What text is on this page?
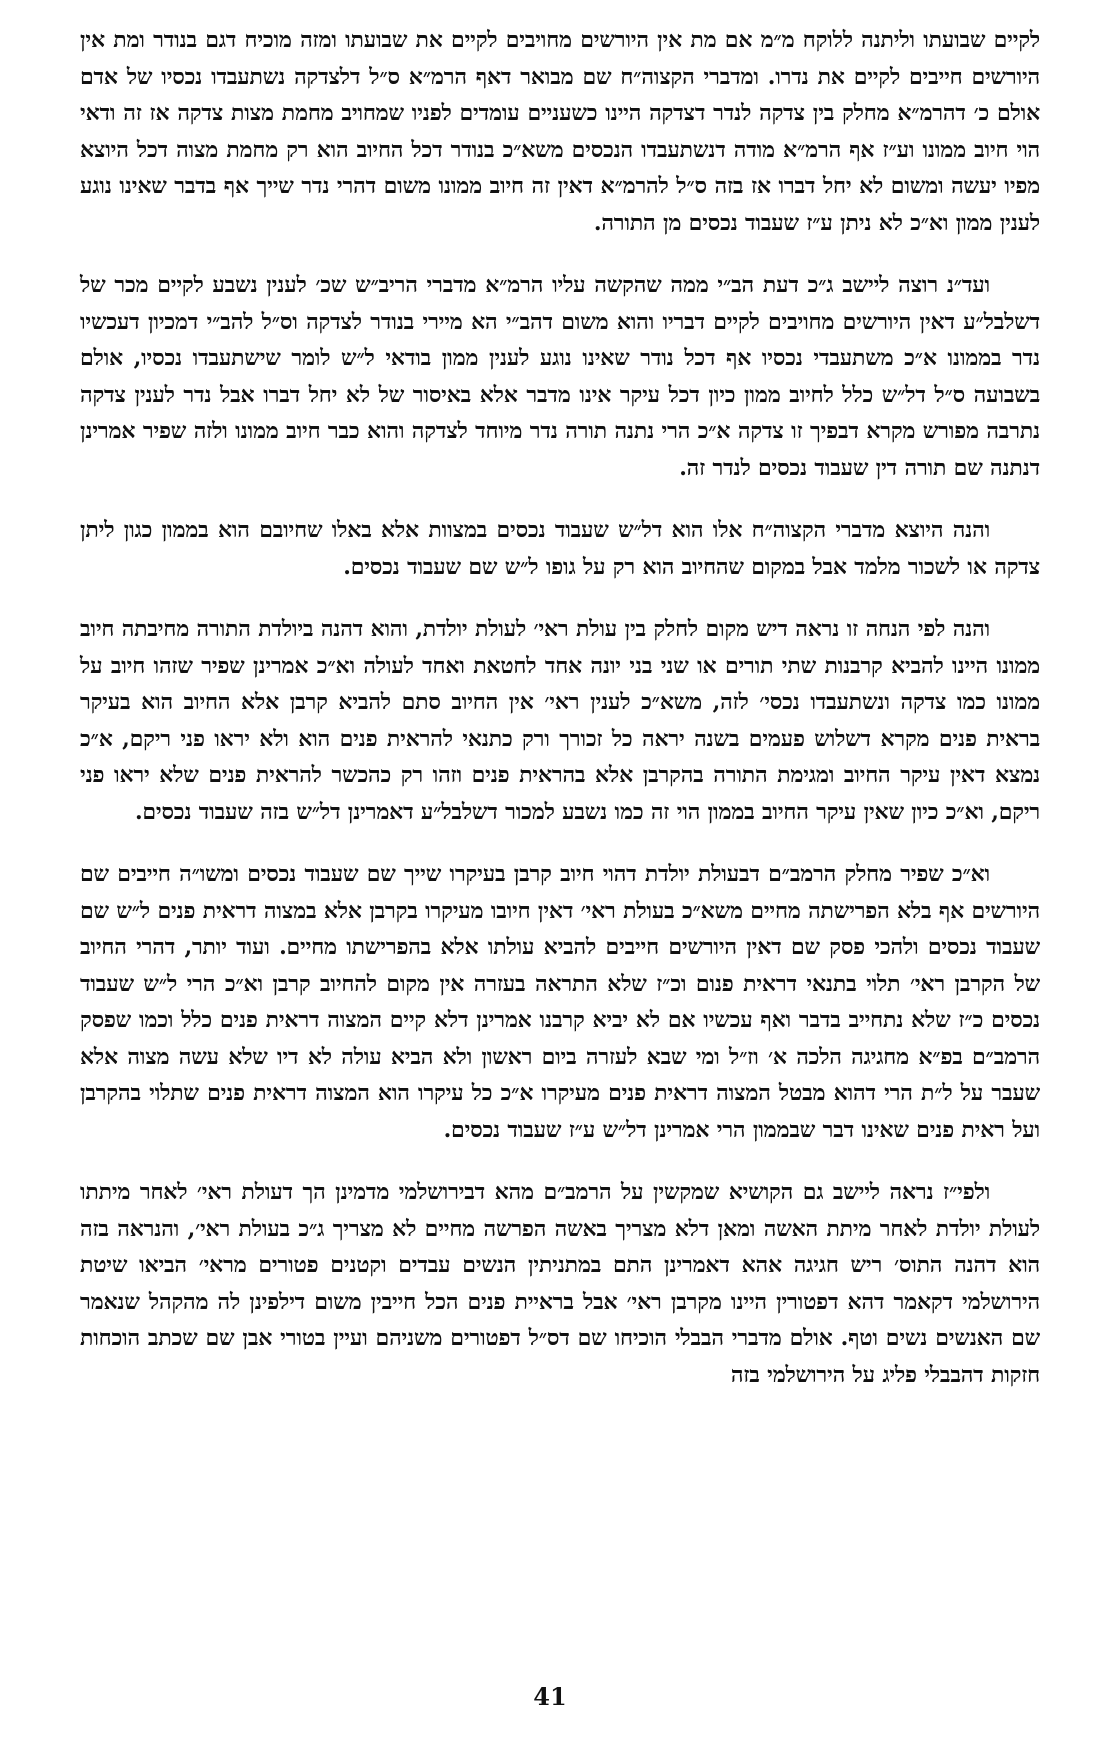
לקיים שבועתו וליתנה ללוקח מ״מ אם מת אין היורשים מחויבים לקיים את שבועתו ומזה מוכיח דגם בנודר ומת אין היורשים חייבים לקיים את נדרו. ומדברי הקצוה״ח שם מבואר דאף הרמ״א ס״ל דלצדקה נשתעבדו נכסיו של אדם אולם כ׳ דהרמ״א מחלק בין צדקה לנדר דצדקה היינו כשעניים עומדים לפניו שמחויב מחמת מצות צדקה אז זה ודאי הוי חיוב ממונו וע״ז אף הרמ״א מודה דנשתעבדו הנכסים משא״כ בנודר דכל החיוב הוא רק מחמת מצוה דכל היוצא מפיו יעשה ומשום לא יחל דברו אז בזה ס״ל להרמ״א דאין זה חיוב ממונו משום דהרי נדר שייך אף בדבר שאינו נוגע לענין ממון וא״כ לא ניתן ע״ז שעבוד נכסים מן התורה.

ועד״נ רוצה ליישב ג״כ דעת הב״י ממה שהקשה עליו הרמ״א מדברי הריב״ש שכ׳ לענין נשבע לקיים מכר של דשלבל״ע דאין היורשים מחויבים לקיים דבריו והוא משום דהב״י הא מיירי בנודר לצדקה וס״ל להב״י דמכיון דעכשיו נדר בממונו א״כ משתעבדי נכסיו אף דכל נודר שאינו נוגע לענין ממון בודאי ל״ש לומר שישתעבדו נכסיו, אולם בשבועה ס״ל דל״ש כלל לחיוב ממון כיון דכל עיקר אינו מדבר אלא באיסור של לא יחל דברו אבל נדר לענין צדקה נתרבה מפורש מקרא דבפיך זו צדקה א״כ הרי נתנה תורה נדר מיוחד לצדקה והוא כבר חיוב ממונו ולזה שפיר אמרינן דנתנה שם תורה דין שעבוד נכסים לנדר זה.

והנה היוצא מדברי הקצוה״ח אלו הוא דל״ש שעבוד נכסים במצוות אלא באלו שחיובם הוא בממון כגון ליתן צדקה או לשכור מלמד אבל במקום שהחיוב הוא רק על גופו ל״ש שם שעבוד נכסים.

והנה לפי הנחה זו נראה דיש מקום לחלק בין עולת ראי׳ לעולת יולדת, והוא דהנה ביולדת התורה מחיבתה חיוב ממונו היינו להביא קרבנות שתי תורים או שני בני יונה אחד לחטאת ואחד לעולה וא״כ אמרינן שפיר שזהו חיוב על ממונו כמו צדקה ונשתעבדו נכסי׳ לזה, משא״כ לענין ראי׳ אין החיוב סתם להביא קרבן אלא החיוב הוא בעיקר בראית פנים מקרא דשלוש פעמים בשנה יראה כל זכורך ורק כתנאי להראית פנים הוא ולא יראו פני ריקם, א״כ נמצא דאין עיקר החיוב ומגימת התורה בהקרבן אלא בהראית פנים וזהו רק כהכשר להראית פנים שלא יראו פני ריקם, וא״כ כיון שאין עיקר החיוב בממון הוי זה כמו נשבע למכור דשלבל״ע דאמרינן דל״ש בזה שעבוד נכסים.

וא״כ שפיר מחלק הרמב״ם דבעולת יולדת דהוי חיוב קרבן בעיקרו שייך שם שעבוד נכסים ומשו״ה חייבים שם היורשים אף בלא הפרישתה מחיים משא״כ בעולת ראי׳ דאין חיובו מעיקרו בקרבן אלא במצוה דראית פנים ל״ש שם שעבוד נכסים ולהכי פסק שם דאין היורשים חייבים להביא עולתו אלא בהפרישתו מחיים. ועוד יותר, דהרי החיוב של הקרבן ראי׳ תלוי בתנאי דראית פנום וכ״ז שלא התראה בעזרה אין מקום להחיוב קרבן וא״כ הרי ל״ש שעבוד נכסים כ״ז שלא נתחייב בדבר ואף עכשיו אם לא יביא קרבנו אמרינן דלא קיים המצוה דראית פנים כלל וכמו שפסק הרמב״ם בפ״א מחגיגה הלכה א׳ וז״ל ומי שבא לעזרה ביום ראשון ולא הביא עולה לא דיו שלא עשה מצוה אלא שעבר על ל״ת הרי דהוא מבטל המצוה דראית פנים מעיקרו א״כ כל עיקרו הוא המצוה דראית פנים שתלוי בהקרבן ועל ראית פנים שאינו דבר שבממון הרי אמרינן דל״ש ע״ז שעבוד נכסים.

ולפי״ז נראה ליישב גם הקושיא שמקשין על הרמב״ם מהא דבירושלמי מדמינן הך דעולת ראי׳ לאחר מיתתו לעולת יולדת לאחר מיתת האשה ומאן דלא מצריך באשה הפרשה מחיים לא מצריך ג״כ בעולת ראי׳, והנראה בזה הוא דהנה התוס׳ ריש חגיגה אהא דאמרינן התם במתניתין הנשים עבדים וקטנים פטורים מראי׳ הביאו שיטת הירושלמי דקאמר דהא דפטורין היינו מקרבן ראי׳ אבל בראיית פנים הכל חייבין משום דילפינן לה מהקהל שנאמר שם האנשים נשים וטף. אולם מדברי הבבלי הוכיחו שם דס״ל דפטורים משניהם ועיין בטורי אבן שם שכתב הוכחות חזקות דהבבלי פליג על הירושלמי בזה

41
